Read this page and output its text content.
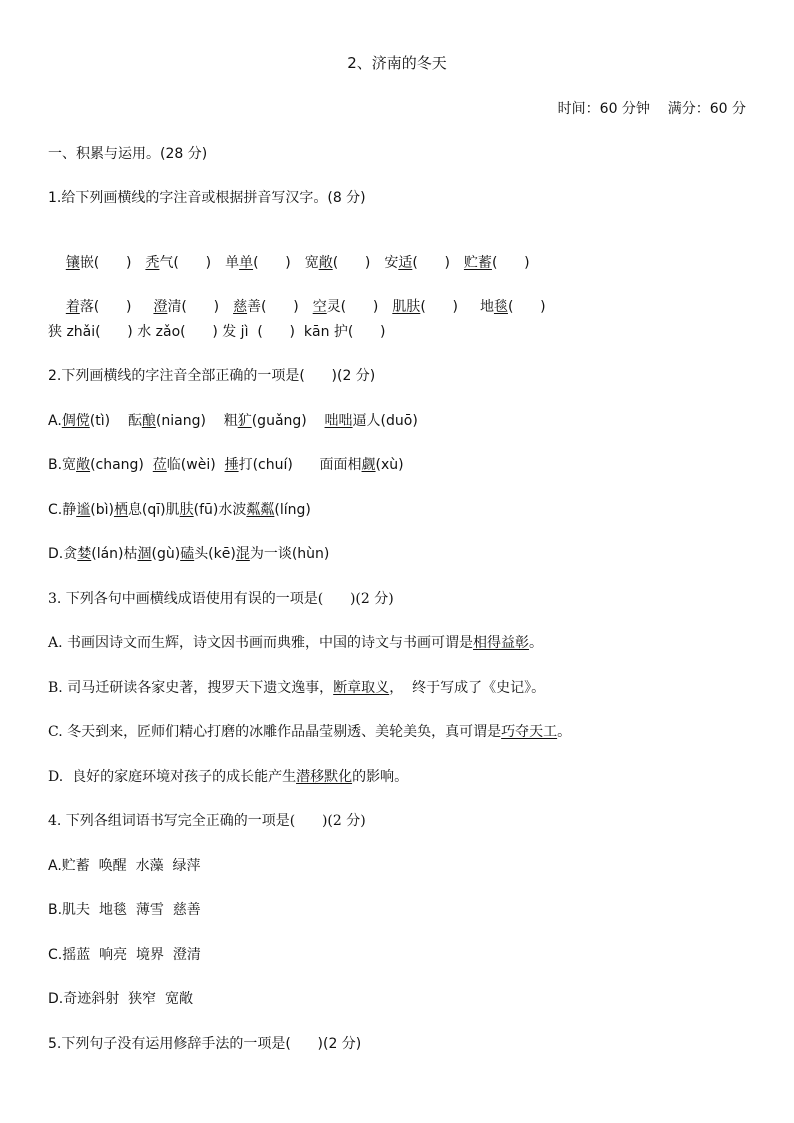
2、济南的冬天
时间：60 分钟    满分：60 分
一、积累与运用。(28 分)
1.给下列画横线的字注音或根据拼音写汉字。(8 分)

镶嵌(      ) 秃气(      ) 单单(      ) 宽敞(      ) 安适(      ) 贮蓄(      )

着落(      ) 澄清(      ) 慈善(      ) 空灵(      ) 肌肤(      ) 地毯(      )

狭 zhǎi(      ) 水 zǎo(      ) 发 jì  (      )  kān 护(      )
2.下列画横线的字注音全部正确的一项是(      )(2 分)
A.倜傥(tì)    酝酿(niang)    粗犷(guǎng)    咄咄逼人(duō)
B.宽敞(chang)  莅临(wèi)  捶打(chuí)      面面相觑(xù)
C.静谧(bì)栖息(qī)肌肤(fū)水波粼粼(líng)
D.贪婪(lán)枯涸(gù)磕头(kē)混为一谈(hùn)
3. 下列各句中画横线成语使用有误的一项是(      )(2 分)
A. 书画因诗文而生辉，诗文因书画而典雅，中国的诗文与书画可谓是相得益彰。
B. 司马迁研读各家史著，搜罗天下遗文逸事，断章取义，  终于写成了《史记》。
C. 冬天到来，匠师们精心打磨的冰雕作品晶莹剔透、美轮美奂，真可谓是巧夺天工。
D.  良好的家庭环境对孩子的成长能产生潜移默化的影响。
4. 下列各组词语书写完全正确的一项是(      )(2 分)
A.贮蓄  唤醒  水藻  绿萍
B.肌夫  地毯  薄雪  慈善
C.摇蓝  响亮  境界  澄清
D.奇迹斜射  狭窄  宽敞
5.下列句子没有运用修辞手法的一项是(      )(2 分)
